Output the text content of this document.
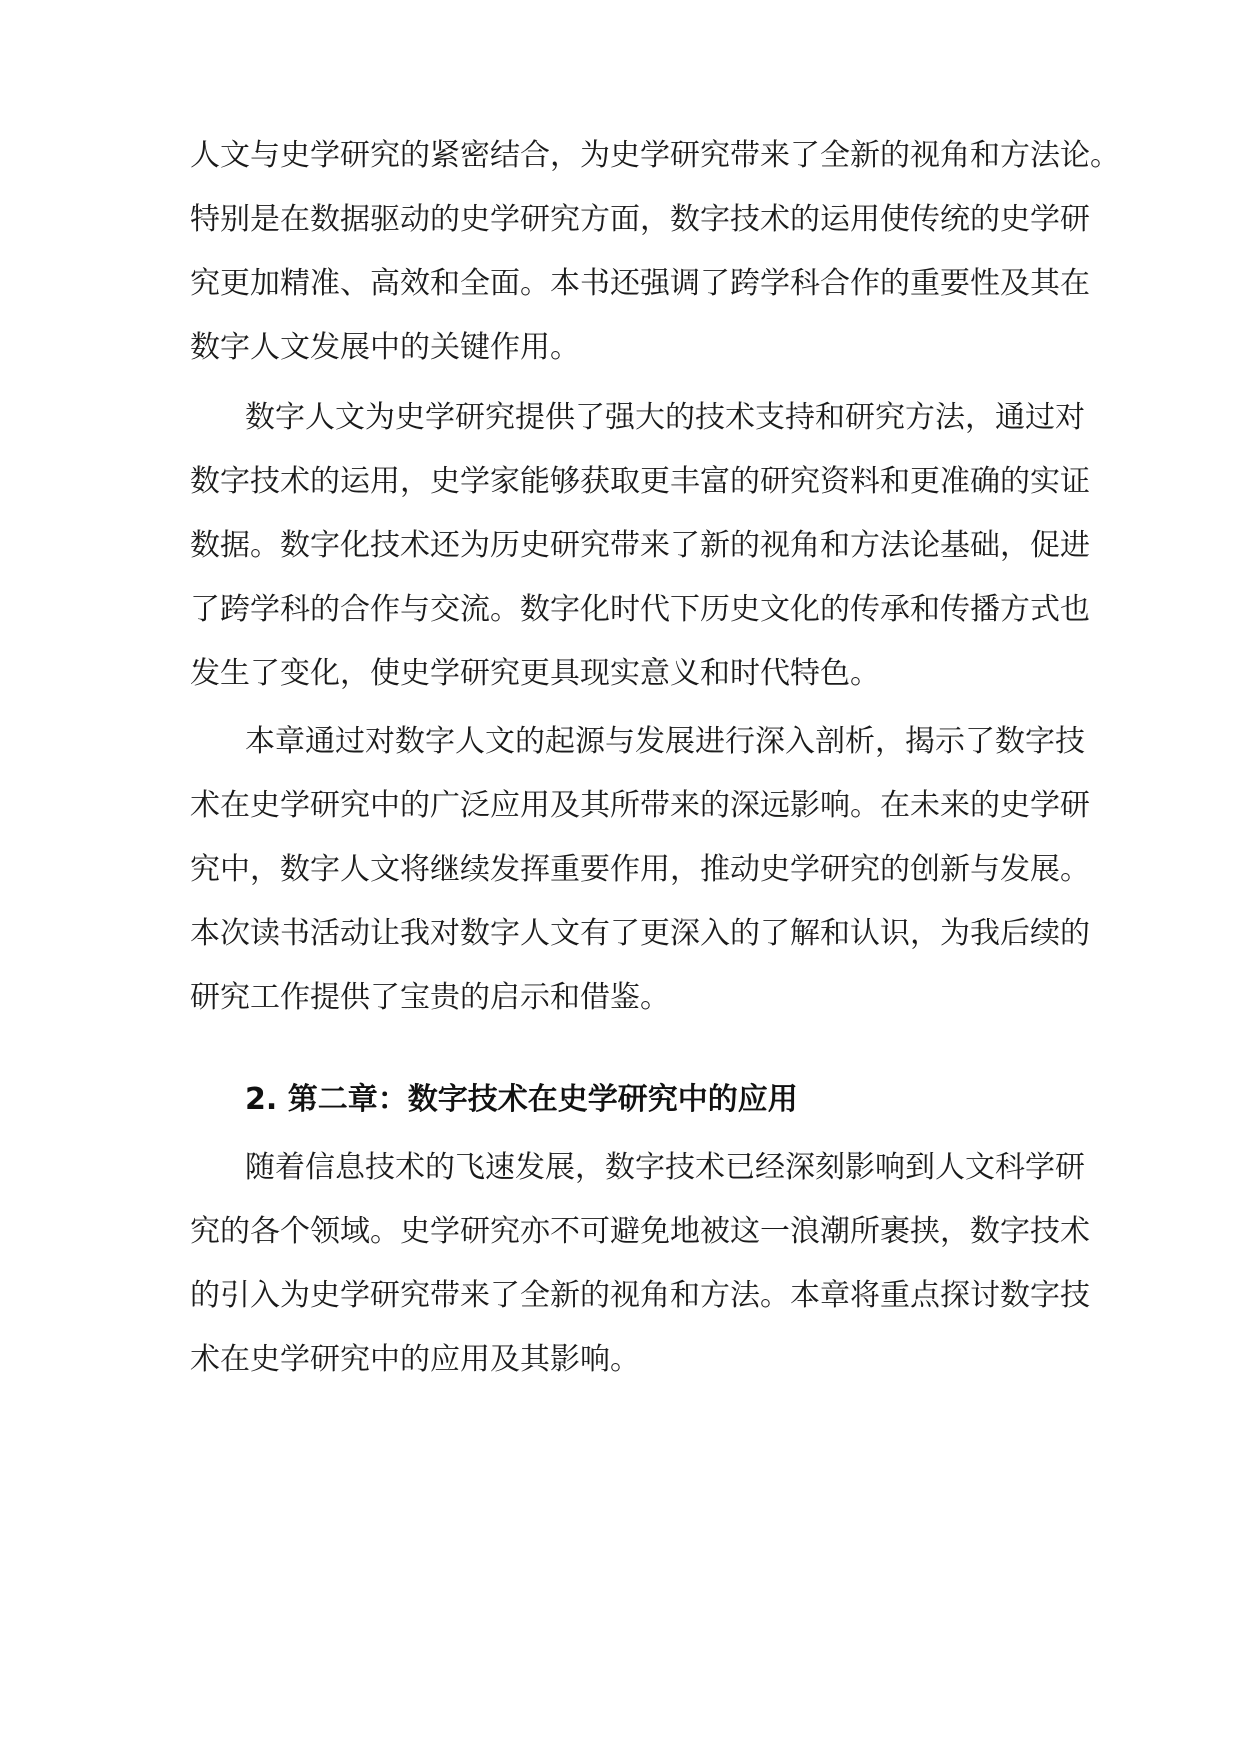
人文与史学研究的紧密结合，为史学研究带来了全新的视角和方法论。
特别是在数据驱动的史学研究方面，数字技术的运用使传统的史学研
究更加精准、高效和全面。本书还强调了跨学科合作的重要性及其在
数字人文发展中的关键作用。
数字人文为史学研究提供了强大的技术支持和研究方法，通过对
数字技术的运用，史学家能够获取更丰富的研究资料和更准确的实证
数据。数字化技术还为历史研究带来了新的视角和方法论基础，促进
了跨学科的合作与交流。数字化时代下历史文化的传承和传播方式也
发生了变化，使史学研究更具现实意义和时代特色。
本章通过对数字人文的起源与发展进行深入剖析，揭示了数字技
术在史学研究中的广泛应用及其所带来的深远影响。在未来的史学研
究中，数字人文将继续发挥重要作用，推动史学研究的创新与发展。
本次读书活动让我对数字人文有了更深入的了解和认识，为我后续的
研究工作提供了宝贵的启示和借鉴。
2. 第二章：数字技术在史学研究中的应用
随着信息技术的飞速发展，数字技术已经深刻影响到人文科学研
究的各个领域。史学研究亦不可避免地被这一浪潮所裹挟，数字技术
的引入为史学研究带来了全新的视角和方法。本章将重点探讨数字技
术在史学研究中的应用及其影响。
